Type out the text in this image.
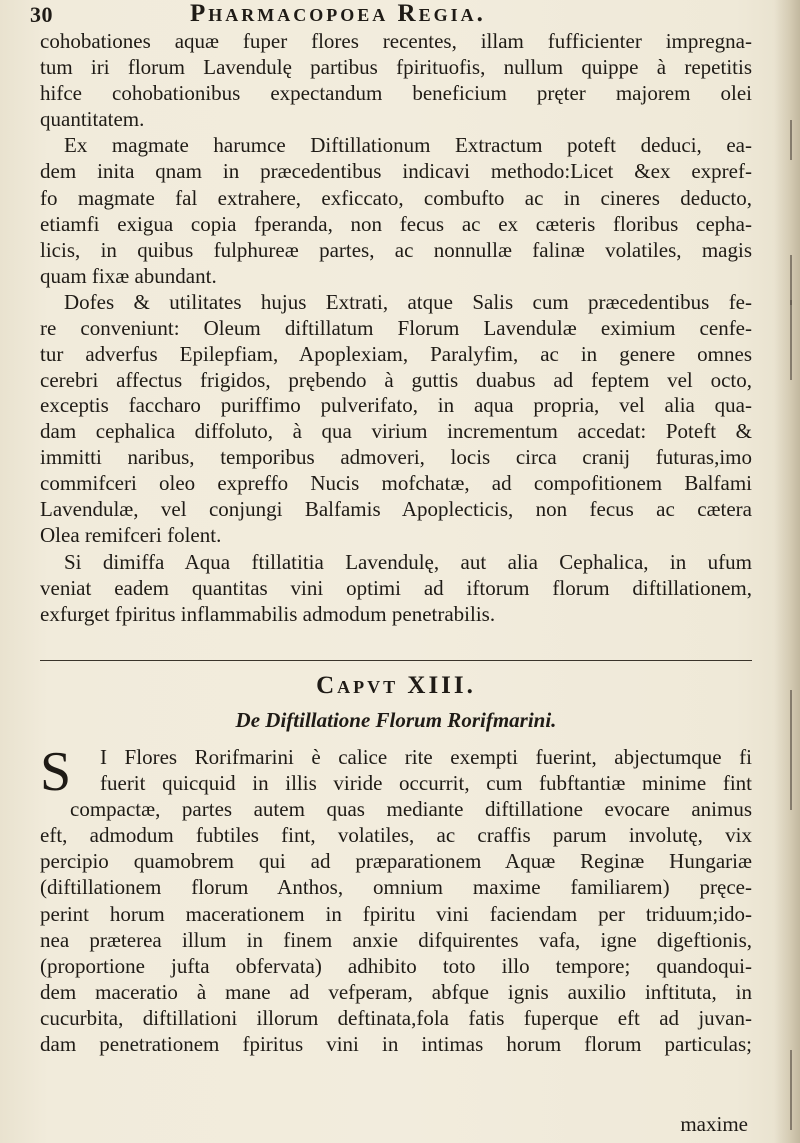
30	Pharmacopoea Regia.
cohobationes aquæ fuper flores recentes, illam fufficienter impregna-
tum iri florum Lavendulę partibus fpirituofis, nullum quippe à repetitis
hifce cohobationibus expectandum beneficium pręter majorem olei
quantitatem.
Ex magmate harumce Diftillationum Extractum poteft deduci, ea-
dem inita qnam in præcedentibus indicavi methodo:Licet &ex expref-
fo magmate fal extrahere, exficcato, combufto ac in cineres deducto,
etiamfi exigua copia fperanda, non fecus ac ex cæteris floribus cepha-
licis, in quibus fulphureæ partes, ac nonnullæ falinæ volatiles, magis
quam fixæ abundant.
Dofes & utilitates hujus Extrati, atque Salis cum præcedentibus fe-
re conveniunt: Oleum diftillatum Florum Lavendulæ eximium cenfe-
tur adverfus Epilepfiam, Apoplexiam, Paralyfim, ac in genere omnes
cerebri affectus frigidos, prębendo à guttis duabus ad feptem vel octo,
exceptis faccharo puriffimo pulverifato, in aqua propria, vel alia qua-
dam cephalica diffoluto, à qua virium incrementum accedat: Poteft &
immitti naribus, temporibus admoveri, locis circa cranij futuras,imo
commifceri oleo expreffo Nucis mofchatæ, ad compofitionem Balfami
Lavendulæ, vel conjungi Balfamis Apoplecticis, non fecus ac cætera
Olea remifceri folent.
Si dimiffa Aqua ftillatitia Lavendulę, aut alia Cephalica, in ufum
veniat eadem quantitas vini optimi ad iftorum florum diftillationem,
exfurget fpiritus inflammabilis admodum penetrabilis.
Capvt XIII.
De Diftillatione Florum Rorifmarini.
S	I Flores Rorifmarini è calice rite exempti fuerint, abjectumque fi
fuerit quicquid in illis viride occurrit, cum fubftantiæ minime fint
compactæ, partes autem quas mediante diftillatione evocare animus
eft, admodum fubtiles fint, volatiles, ac craffis parum involutę, vix
percipio quamobrem qui ad præparationem Aquæ Reginæ Hungariæ
(diftillationem florum Anthos, omnium maxime familiarem) pręce-
perint horum macerationem in fpiritu vini faciendam per triduum;ido-
nea præterea illum in finem anxie difquirentes vafa, igne digeftionis,
(proportione jufta obfervata) adhibito toto illo tempore; quandoqui-
dem maceratio à mane ad vefperam, abfque ignis auxilio inftituta, in
cucurbita, diftillationi illorum deftinata,fola fatis fuperque eft ad juvan-
dam penetrationem fpiritus vini in intimas horum florum particulas;
maxime
